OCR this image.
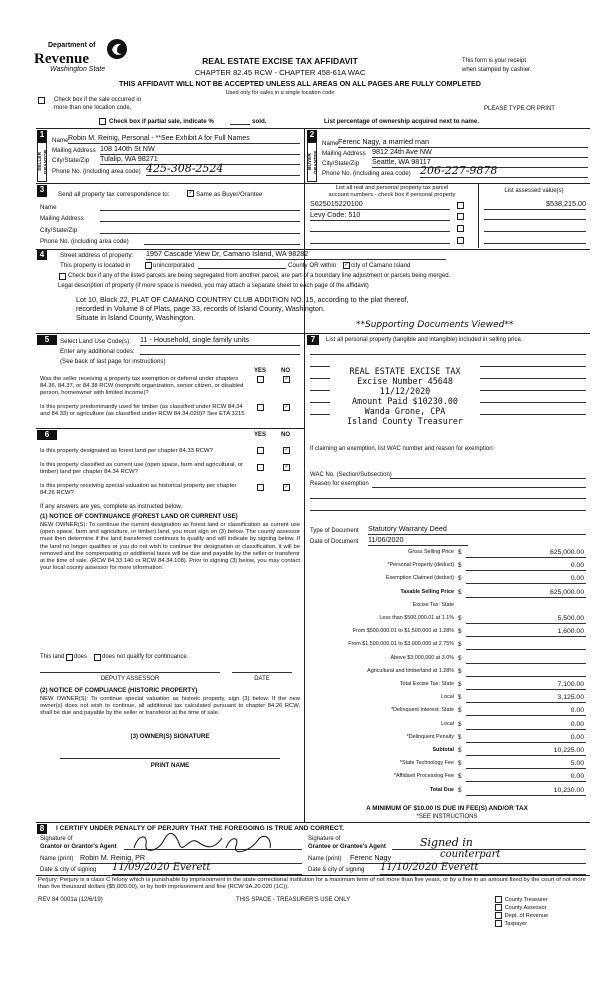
Department of
Revenue
Washington State
REAL ESTATE EXCISE TAX AFFIDAVIT
CHAPTER 82.45 RCW - CHAPTER 458-61A WAC
This form is your receipt
when stamped by cashier.
THIS AFFIDAVIT WILL NOT BE ACCEPTED UNLESS ALL AREAS ON ALL PAGES ARE FULLY COMPLETED
Used only for sales in a single location code
Check box if the sale occurred in
more than one location code.	PLEASE TYPE OR PRINT
Check box if partial sale, indicate %	sold.	List percentage of ownership acquired next to name.
1
SELLER GRANTOR
Name Robin M. Reinig, Personal - **See Exhibit A for Full Names
Mailing Address 108 140th St NW
City/State/Zip Tulalip, WA 98271
Phone No. (including area code) 425-308-2524
2
BUYER GRANTEE
Name Ferenc Nagy, a married man
Mailing Address 9812 24th Ave NW
City/State/Zip Seattle, WA 98117
Phone No. (including area code) 206-227-9878
3
Send all property tax correspondence to:	✓ Same as Buyer/Grantee
Name
Mailing Address
City/State/Zip
Phone No. (including area code)
List all real and personal property tax parcel
account numbers - check box if personal property
List assessed value(s)
S625015220100	$538,215.00
Levy Code: 510
4	Street address of property: 1957 Cascade View Dr, Camano Island, WA 98282
This property is located in	unincorporated	County OR within	✓ city of Camano Island
Check box if any of the listed parcels are being segregated from another parcel, are part of a boundary line adjustment or parcels being merged.
Legal description of property (if more space is needed, you may attach a separate sheet to each page of the affidavit)
Lot 10, Block 22, PLAT OF CAMANO COUNTRY CLUB ADDITION NO. 15, according to the plat thereof,
recorded in Volume 8 of Plats, page 33, records of Island County, Washington.
Situate in Island County, Washington.
**Supporting Documents Viewed**
5	Select Land Use Code(s): 11 - Household, single family units
Enter any additional codes:
(See back of last page for instructions)
YES NO
Was the seller receiving a property tax exemption or deferral under chapters 84.36, 84.37, or 84.38 RCW (nonprofit organization, senior citizen, or disabled person, homeowner with limited income)?
✓
Is this property predominantly used for timber (as classified under RCW 84.34 and 84.33) or agriculture (as classified under RCW 84.34.020)? See ETA 3215
✓
6	YES NO
Is this property designated as forest land per chapter 84.33 RCW?	✓
Is this property classified as current use (open space, farm and agricultural, or timber) land per chapter 84.34 RCW?
✓
Is this property receiving special valuation as historical property per chapter 84.26 RCW?
✓
If any answers are yes, complete as instructed below.
(1) NOTICE OF CONTINUANCE (FOREST LAND OR CURRENT USE)
NEW OWNER(S): To continue the current designation as forest land or classification as current use (open space, farm and agriculture, or timber) land, you must sign on (3) below. The county assessor must then determine if the land transferred continues to qualify and will indicate by signing below. If the land no longer qualifies or you do not wish to continue the designation or classification, it will be removed and the compensating or additional taxes will be due and payable by the seller or transferor at the time of sale. (RCW 84.33.140 or RCW 84.34.108). Prior to signing (3) below, you may contact your local county assessor for more information.
This land does does not qualify for continuance.
DEPUTY ASSESSOR	DATE
(2) NOTICE OF COMPLIANCE (HISTORIC PROPERTY)
NEW OWNER(S): To continue special valuation as historic property, sign (3) below. If the new owner(s) does not wish to continue, all additional tax calculated pursuant to chapter 84.26 RCW, shall be due and payable by the seller or transferor at the time of sale.
(3) OWNER(S) SIGNATURE
PRINT NAME
7	List all personal property (tangible and intangible) included in selling price.
REAL ESTATE EXCISE TAX
Excise Number 45648
11/12/2020
Amount Paid $10230.00
Wanda Grone, CPA
Island County Treasurer
If claiming an exemption, list WAC number and reason for exemption:
WAC No. (Section/Subsection)
Reason for exemption
Type of Document Statutory Warranty Deed
Date of Document 11/06/2020
Gross Selling Price $	625,000.00
*Personal Property (deduct) $	0.00
Exemption Claimed (deduct) $	0.00
Taxable Selling Price $	625,000.00
Excise Tax: State
Less than $500,000.01 at 1.1% $	5,500.00
From $500,000.01 to $1,500,000 at 1.28% $	1,600.00
From $1,500,000.01 to $3,000,000 at 2.75% $
Above $3,000,000 at 3.0% $
Agricultural and timberland at 1.28% $
Total Excise Tax: State $	7,100.00
Local $	3,125.00
*Delinquent Interest: State $	0.00
Local $	0.00
*Delinquent Penalty $	0.00
Subtotal $	10,225.00
*State Technology Fee $	5.00
*Affidavit Processing Fee $	0.00
Total Due $	10,230.00
A MINIMUM OF $10.00 IS DUE IN FEE(S) AND/OR TAX
*SEE INSTRUCTIONS
8	I CERTIFY UNDER PENALTY OF PERJURY THAT THE FOREGOING IS TRUE AND CORRECT.
Signature of
Grantor or Grantor's Agent
Name (print) Robin M. Reinig, PR
Date & city of signing 11/09/2020 Everett
Signature of
Grantee or Grantee's Agent	Signed in
Name (print) Ferenc Nagy	counterpart
Date & city of signing 11/10/2020 Everett
Perjury: Perjury is a class C felony which is punishable by imprisonment in the state correctional institution for a maximum term of not more than five years, or by a fine in an amount fixed by the court of not more than five thousand dollars ($5,000.00), or by both imprisonment and fine (RCW 9A.20.020 (1C)).
REV 84 0001a (12/6/19)	THIS SPACE - TREASURER'S USE ONLY	County Treasurer
County Assessor
Dept. of Revenue
Taxpayer
